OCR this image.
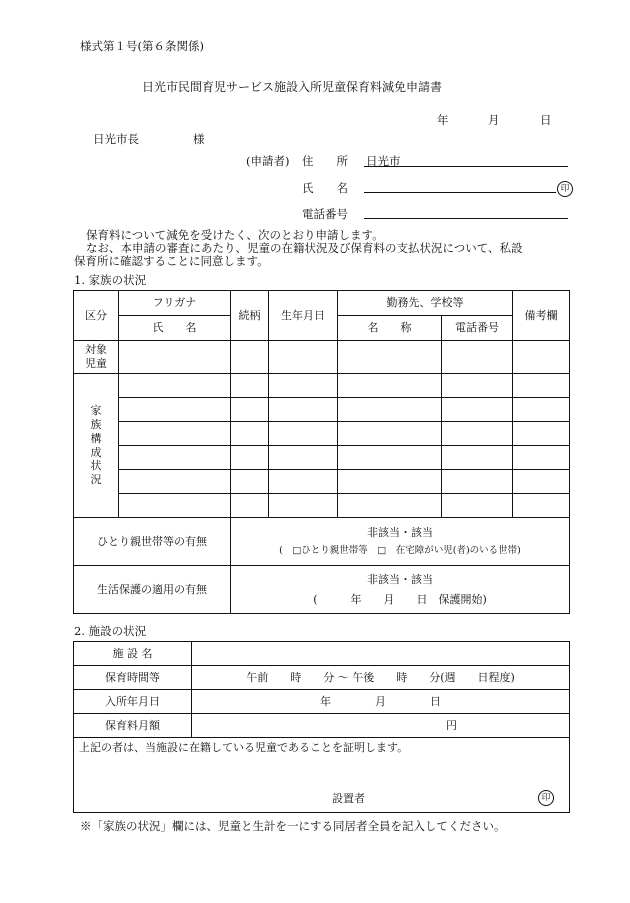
様式第１号(第６条関係)
日光市民間育児サービス施設入所児童保育料減免申請書
年	月	日
日光市長	様
(申請者) 住　　所 日光市
氏　　名	印
電話番号
保育料について減免を受けたく、次のとおり申請します。
なお、本申請の審査にあたり、児童の在籍状況及び保育料の支払状況について、私設
保育所に確認することに同意します。
1. 家族の状況
区分	フリガナ	続柄	生年月日	勤務先、学校等		備考欄
	氏　　名			名　　称	電話番号	
対象児童						
家族構成状況						

ひとり親世帯等の有無		非該当・該当
(　□ひとり親世帯等　□　在宅障がい児(者)のいる世帯)				

生活保護の適用の有無		非該当・該当
(　　　年　　月　　日　保護開始)				
2. 施設の状況
施 設 名	
保育時間等	午前　　時　　分 〜 午後　　時　　分(週　　日程度)
入所年月日	年　　　　月　　　　日
保育料月額	円

上記の者は、当施設に在籍している児童であることを証明します。
設置者 印	
※「家族の状況」欄には、児童と生計を一にする同居者全員を記入してください。
